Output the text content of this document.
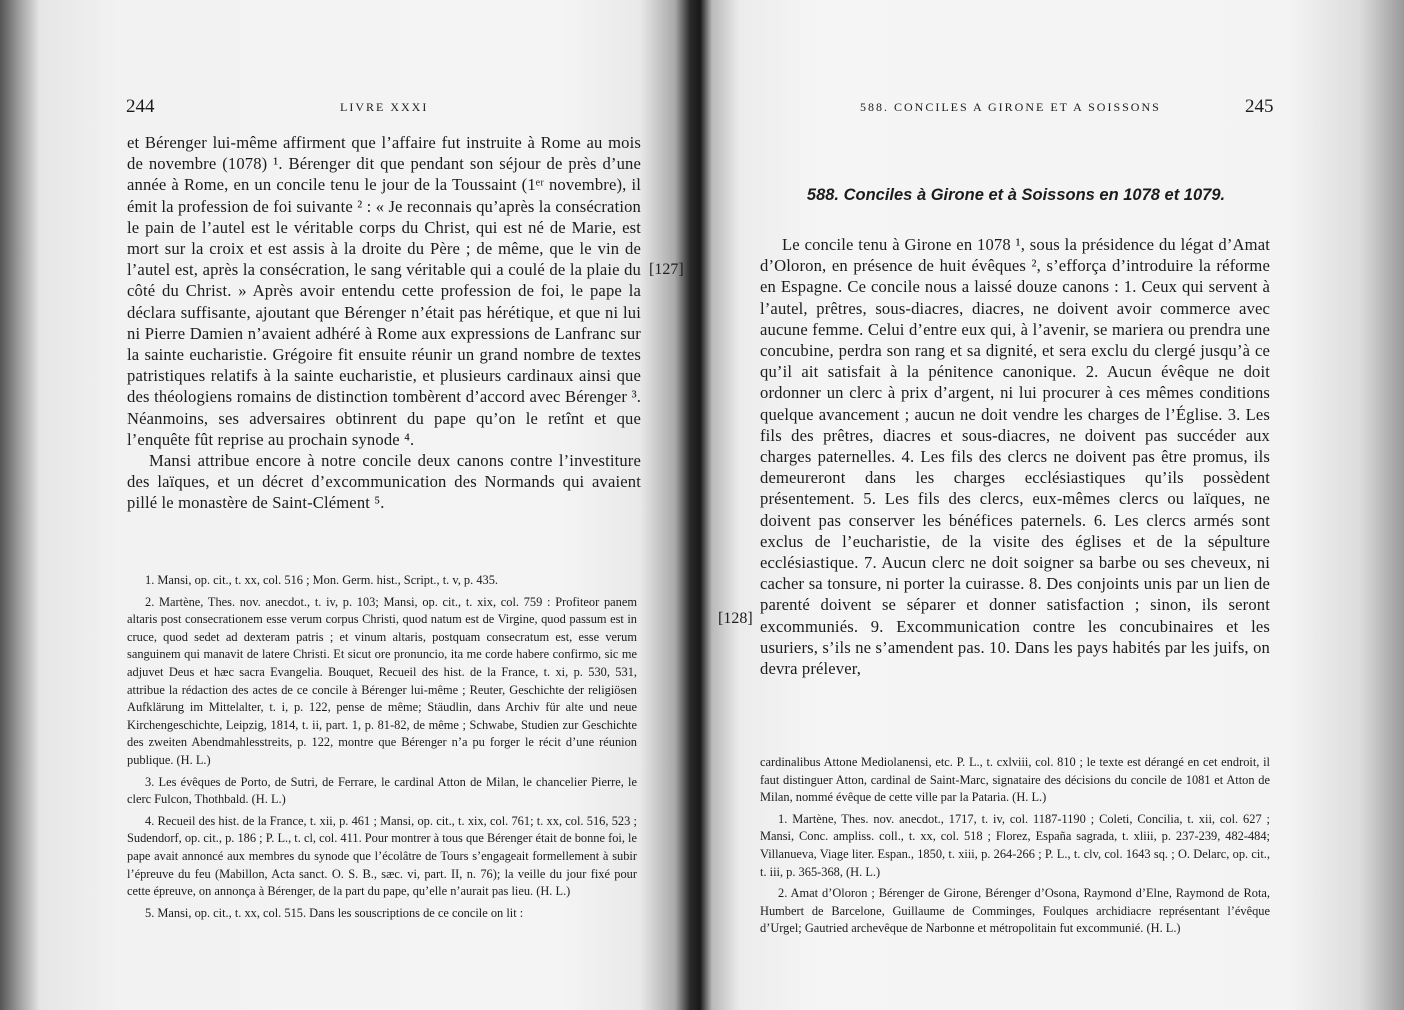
244	LIVRE XXXI

et Bérenger lui-même affirment que l’affaire fut instruite à Rome au mois de novembre (1078) ¹. Bérenger dit que pendant son séjour de près d’une année à Rome, en un concile tenu le jour de la Toussaint (1ᵉʳ novembre), il émit la profession de foi suivante ² : « Je reconnais qu’après la consécration le pain de l’autel est le véritable corps du Christ, qui est né de Marie, est mort sur la croix et est assis à la droite du Père ; de même, que le vin de l’autel est, après la consécration, le sang véritable qui a coulé de la plaie du côté du Christ. » Après avoir entendu cette profession de foi, le pape la déclara suffisante, ajoutant que Bérenger n’était pas hérétique, et que ni lui ni Pierre Damien n’avaient adhéré à Rome aux expressions de Lanfranc sur la sainte eucharistie. Grégoire fit ensuite réunir un grand nombre de textes patristiques relatifs à la sainte eucharistie, et plusieurs cardinaux ainsi que des théologiens romains de distinction tombèrent d’accord avec Bérenger ³. Néanmoins, ses adversaires obtinrent du pape qu’on le retînt et que l’enquête fût reprise au prochain synode ⁴.

Mansi attribue encore à notre concile deux canons contre l’investiture des laïques, et un décret d’excommunication des Normands qui avaient pillé le monastère de Saint-Clément ⁵.

[127]

1. Mansi, op. cit., t. xx, col. 516 ; Mon. Germ. hist., Script., t. v, p. 435.

2. Martène, Thes. nov. anecdot., t. iv, p. 103; Mansi, op. cit., t. xix, col. 759 : Profiteor panem altaris post consecrationem esse verum corpus Christi, quod natum est de Virgine, quod passum est in cruce, quod sedet ad dexteram patris ; et vinum altaris, postquam consecratum est, esse verum sanguinem qui manavit de latere Christi. Et sicut ore pronuncio, ita me corde habere confirmo, sic me adjuvet Deus et hæc sacra Evangelia. Bouquet, Recueil des hist. de la France, t. xi, p. 530, 531, attribue la rédaction des actes de ce concile à Bérenger lui-même ; Reuter, Geschichte der religiösen Aufklärung im Mittelalter, t. i, p. 122, pense de même; Stäudlin, dans Archiv für alte und neue Kirchengeschichte, Leipzig, 1814, t. ii, part. 1, p. 81-82, de même ; Schwabe, Studien zur Geschichte des zweiten Abendmahlesstreits, p. 122, montre que Bérenger n’a pu forger le récit d’une réunion publique. (H. L.)

3. Les évêques de Porto, de Sutri, de Ferrare, le cardinal Atton de Milan, le chancelier Pierre, le clerc Fulcon, Thothbald. (H. L.)

4. Recueil des hist. de la France, t. xii, p. 461 ; Mansi, op. cit., t. xix, col. 761; t. xx, col. 516, 523 ; Sudendorf, op. cit., p. 186 ; P. L., t. cl, col. 411. Pour montrer à tous que Bérenger était de bonne foi, le pape avait annoncé aux membres du synode que l’écolâtre de Tours s’engageait formellement à subir l’épreuve du feu (Mabillon, Acta sanct. O. S. B., sæc. vi, part. II, n. 76); la veille du jour fixé pour cette épreuve, on annonça à Bérenger, de la part du pape, qu’elle n’aurait pas lieu. (H. L.)

5. Mansi, op. cit., t. xx, col. 515. Dans les souscriptions de ce concile on lit :

588. CONCILES A GIRONE ET A SOISSONS	245
588. Conciles à Girone et à Soissons en 1078 et 1079.

Le concile tenu à Girone en 1078 ¹, sous la présidence du légat d’Amat d’Oloron, en présence de huit évêques ², s’efforça d’introduire la réforme en Espagne. Ce concile nous a laissé douze canons : 1. Ceux qui servent à l’autel, prêtres, sous-diacres, diacres, ne doivent avoir commerce avec aucune femme. Celui d’entre eux qui, à l’avenir, se mariera ou prendra une concubine, perdra son rang et sa dignité, et sera exclu du clergé jusqu’à ce qu’il ait satisfait à la pénitence canonique. 2. Aucun évêque ne doit ordonner un clerc à prix d’argent, ni lui procurer à ces mêmes conditions quelque avancement ; aucun ne doit vendre les charges de l’Église. 3. Les fils des prêtres, diacres et sous-diacres, ne doivent pas succéder aux charges paternelles. 4. Les fils des clercs ne doivent pas être promus, ils demeureront dans les charges ecclésiastiques qu’ils possèdent présentement. 5. Les fils des clercs, eux-mêmes clercs ou laïques, ne doivent pas conserver les bénéfices paternels. 6. Les clercs armés sont exclus de l’eucharistie, de la visite des églises et de la sépulture ecclésiastique. 7. Aucun clerc ne doit soigner sa barbe ou ses cheveux, ni cacher sa tonsure, ni porter la cuirasse. 8. Des conjoints unis par un lien de parenté doivent se séparer et donner satisfaction ; sinon, ils seront excommuniés. 9. Excommunication contre les concubinaires et les usuriers, s’ils ne s’amendent pas. 10. Dans les pays habités par les juifs, on devra prélever,

[128]

cardinalibus Attone Mediolanensi, etc. P. L., t. cxlviii, col. 810 ; le texte est dérangé en cet endroit, il faut distinguer Atton, cardinal de Saint-Marc, signataire des décisions du concile de 1081 et Atton de Milan, nommé évêque de cette ville par la Pataria. (H. L.)

1. Martène, Thes. nov. anecdot., 1717, t. iv, col. 1187-1190 ; Coleti, Concilia, t. xii, col. 627 ; Mansi, Conc. ampliss. coll., t. xx, col. 518 ; Florez, España sagrada, t. xliii, p. 237-239, 482-484; Villanueva, Viage liter. Espan., 1850, t. xiii, p. 264-266 ; P. L., t. clv, col. 1643 sq. ; O. Delarc, op. cit., t. iii, p. 365-368, (H. L.)

2. Amat d’Oloron ; Bérenger de Girone, Bérenger d’Osona, Raymond d’Elne, Raymond de Rota, Humbert de Barcelone, Guillaume de Comminges, Foulques archidiacre représentant l’évêque d’Urgel; Gautried archevêque de Narbonne et métropolitain fut excommunié. (H. L.)
